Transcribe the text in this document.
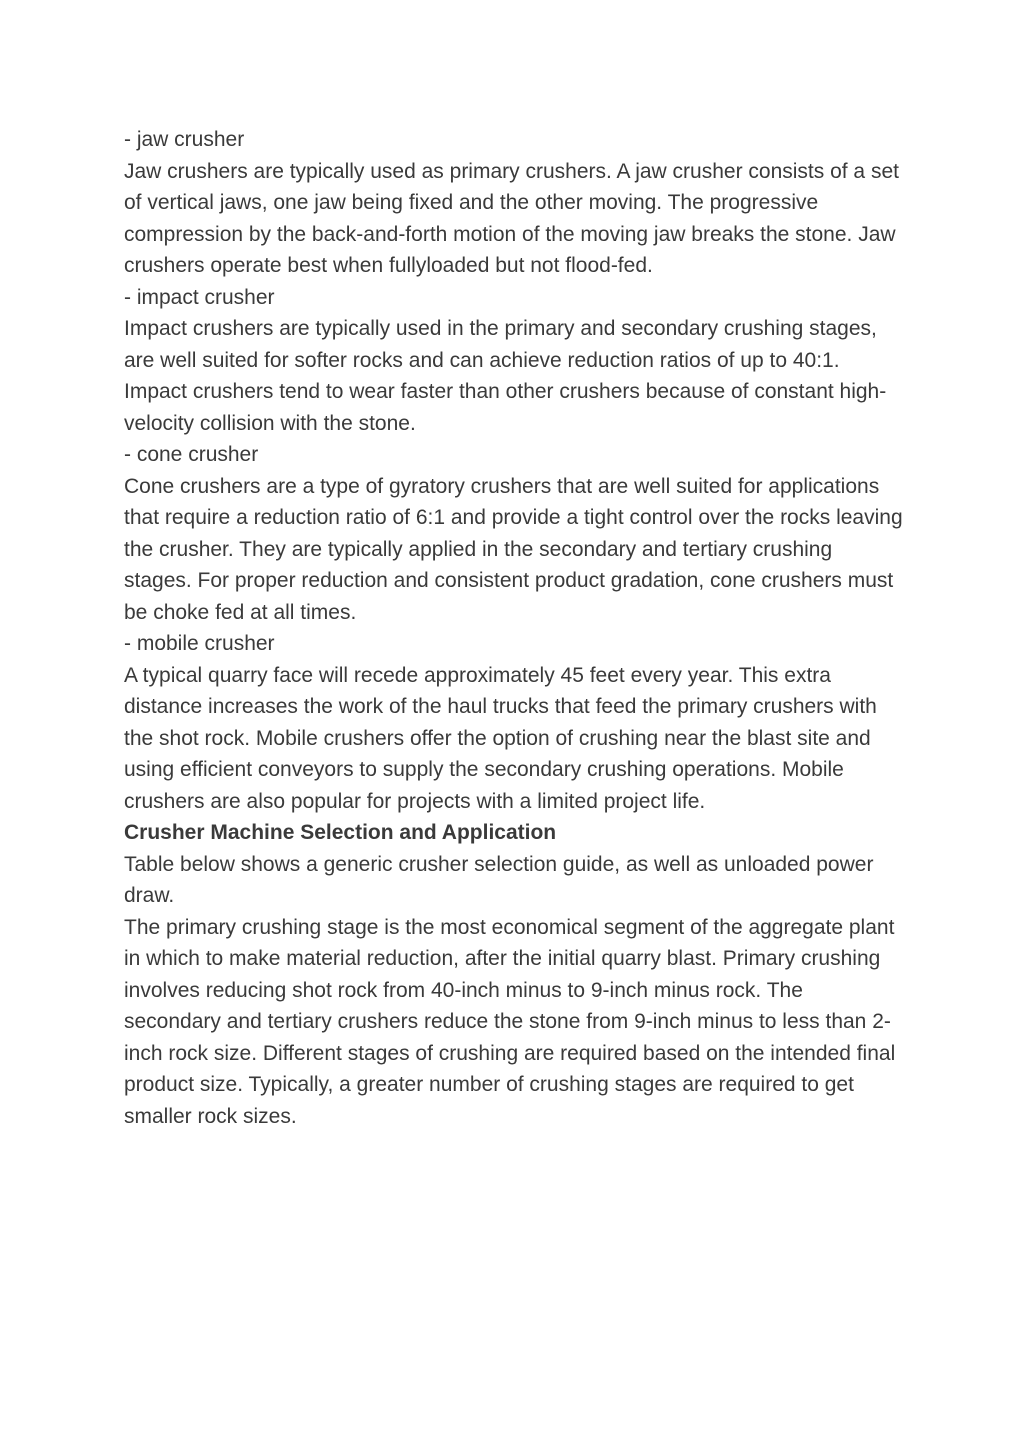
- jaw crusher

Jaw crushers are typically used as primary crushers. A jaw crusher consists of a set of vertical jaws, one jaw being fixed and the other moving. The progressive compression by the back-and-forth motion of the moving jaw breaks the stone. Jaw crushers operate best when fullyloaded but not flood-fed.

- impact crusher

Impact crushers are typically used in the primary and secondary crushing stages, are well suited for softer rocks and can achieve reduction ratios of up to 40:1. Impact crushers tend to wear faster than other crushers because of constant high-velocity collision with the stone.

- cone crusher

Cone crushers are a type of gyratory crushers that are well suited for applications that require a reduction ratio of 6:1 and provide a tight control over the rocks leaving the crusher. They are typically applied in the secondary and tertiary crushing stages. For proper reduction and consistent product gradation, cone crushers must be choke fed at all times.

- mobile crusher

A typical quarry face will recede approximately 45 feet every year. This extra distance increases the work of the haul trucks that feed the primary crushers with the shot rock. Mobile crushers offer the option of crushing near the blast site and using efficient conveyors to supply the secondary crushing operations. Mobile crushers are also popular for projects with a limited project life.

Crusher Machine Selection and Application

Table below shows a generic crusher selection guide, as well as unloaded power draw.

The primary crushing stage is the most economical segment of the aggregate plant in which to make material reduction, after the initial quarry blast. Primary crushing involves reducing shot rock from 40-inch minus to 9-inch minus rock. The secondary and tertiary crushers reduce the stone from 9-inch minus to less than 2-inch rock size. Different stages of crushing are required based on the intended final product size. Typically, a greater number of crushing stages are required to get smaller rock sizes.
